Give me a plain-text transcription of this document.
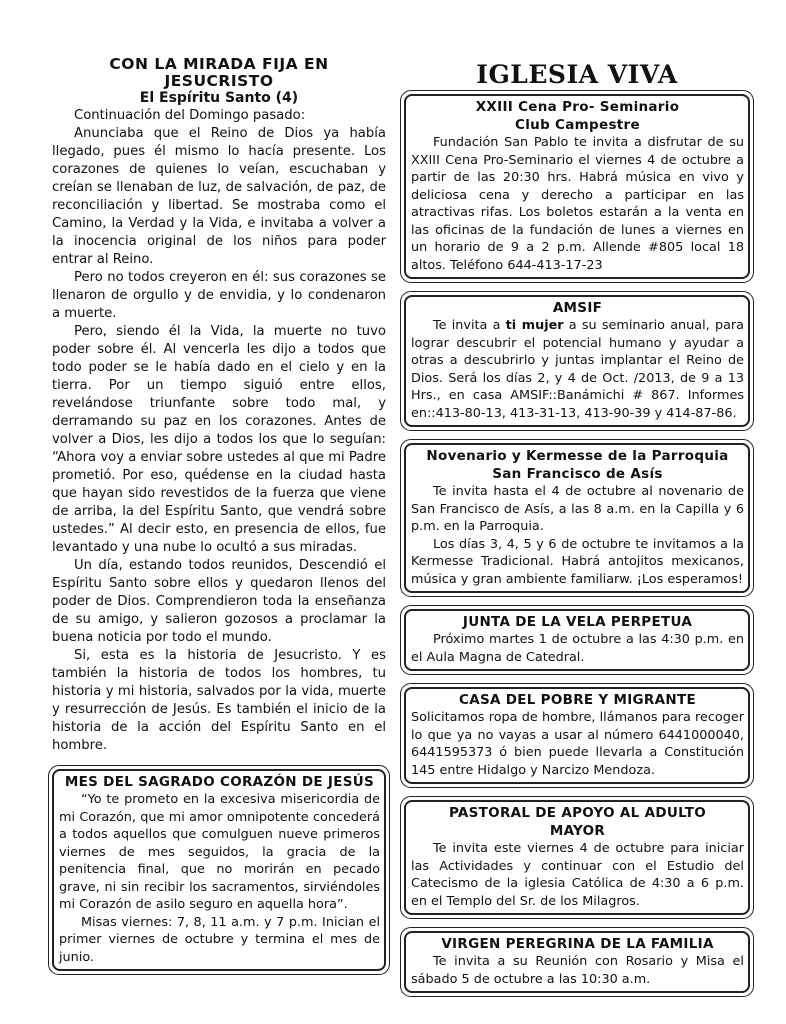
CON LA MIRADA FIJA EN
JESUCRISTO
El Espíritu Santo (4)

Continuación del Domingo pasado:

Anunciaba que el Reino de Dios ya había llegado, pues él mismo lo hacía presente. Los corazones de quienes lo veían, escuchaban y creían se llenaban de luz, de salvación, de paz, de reconciliación y libertad. Se mostraba como el Camino, la Verdad y la Vida, e invitaba a volver a la inocencia original de los niños para poder entrar al Reino.

Pero no todos creyeron en él: sus corazones se llenaron de orgullo y de envidia, y lo condenaron a muerte.

Pero, siendo él la Vida, la muerte no tuvo poder sobre él. Al vencerla les dijo a todos que todo poder se le había dado en el cielo y en la tierra. Por un tiempo siguió entre ellos, revelándose triunfante sobre todo mal, y derramando su paz en los corazones. Antes de volver a Dios, les dijo a todos los que lo seguían: “Ahora voy a enviar sobre ustedes al que mi Padre prometió. Por eso, quédense en la ciudad hasta que hayan sido revestidos de la fuerza que viene de arriba, la del Espíritu Santo, que vendrá sobre ustedes.” Al decir esto, en presencia de ellos, fue levantado y una nube lo ocultó a sus miradas.

Un día, estando todos reunidos, Descendió el Espíritu Santo sobre ellos y quedaron llenos del poder de Dios. Comprendieron toda la enseñanza de su amigo, y salieron gozosos a proclamar la buena noticia por todo el mundo.

Si, esta es la historia de Jesucristo. Y es también la historia de todos los hombres, tu historia y mi historia, salvados por la vida, muerte y resurrección de Jesús. Es también el inicio de la historia de la acción del Espíritu Santo en el hombre.

MES DEL SAGRADO CORAZÓN DE JESÚS

“Yo te prometo en la excesiva misericordia de mi Corazón, que mi amor omnipotente concederá a todos aquellos que comulguen nueve primeros viernes de mes seguidos, la gracia de la penitencia final, que no morirán en pecado grave, ni sin recibir los sacramentos, sirviéndoles mi Corazón de asilo seguro en aquella hora”.

Misas viernes: 7, 8, 11 a.m. y 7 p.m. Inician el primer viernes de octubre y termina el mes de junio.

IGLESIA VIVA
XXIII Cena Pro- Seminario
Club Campestre

Fundación San Pablo te invita a disfrutar de su XXIII Cena Pro-Seminario el viernes 4 de octubre a partir de las 20:30 hrs. Habrá música en vivo y deliciosa cena y derecho a participar en las atractivas rifas. Los boletos estarán a la venta en las oficinas de la fundación de lunes a viernes en un horario de 9 a 2 p.m. Allende #805 local 18 altos. Teléfono 644-413-17-23

AMSIF

Te invita a ti mujer a su seminario anual, para lograr descubrir el potencial humano y ayudar a otras a descubrirlo y juntas implantar el Reino de Dios. Será los días 2, y 4 de Oct. /2013, de 9 a 13 Hrs., en casa AMSIF::Banámichi # 867. Informes en::413-80-13, 413-31-13, 413-90-39 y 414-87-86.

Novenario y Kermesse de la Parroquia
San Francisco de Asís

Te invita hasta el 4 de octubre al novenario de San Francisco de Asís, a las 8 a.m. en la Capilla y 6 p.m. en la Parroquia.

Los días 3, 4, 5 y 6 de octubre te invitamos a la Kermesse Tradicional. Habrá antojitos mexicanos, música y gran ambiente familiarw. ¡Los esperamos!

JUNTA DE LA VELA PERPETUA

Próximo martes 1 de octubre a las 4:30 p.m. en el Aula Magna de Catedral.

CASA DEL POBRE Y MIGRANTE

Solicitamos ropa de hombre, llámanos para recoger lo que ya no vayas a usar al número 6441000040, 6441595373 ó bien puede llevarla a Constitución 145 entre Hidalgo y Narcizo Mendoza.

PASTORAL DE APOYO AL ADULTO
MAYOR

Te invita este viernes 4 de octubre para iniciar las Actividades y continuar con el Estudio del Catecismo de la iglesia Católica de 4:30 a 6 p.m. en el Templo del Sr. de los Milagros.

VIRGEN PEREGRINA DE LA FAMILIA

Te invita a su Reunión con Rosario y Misa el sábado 5 de octubre a las 10:30 a.m.
